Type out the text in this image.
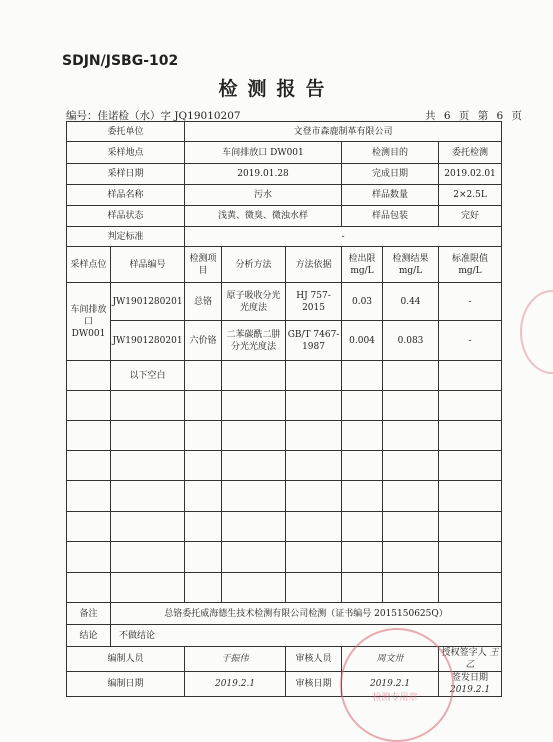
SDJN/JSBG-102
检测报告
编号：佳诺检（水）字 JQ19010207	共 6 页 第 6 页
委托单位		文登市森鹿制革有限公司					
采样地点		车间排放口 DW001			检测目的		委托检测
采样日期		2019.01.28			完成日期		2019.02.01
样品名称		污水			样品数量		2×2.5L
样品状态		浅黄、微臭、微浊水样			样品包装		完好
判定标准		-					
采样点位	样品编号	检测项目	分析方法	方法依据	检出限 mg/L	检测结果 mg/L	标准限值 mg/L
车间排放口 DW001	JW1901280201	总铬	原子吸收分光光度法	HJ 757-2015	0.03	0.44	-
	JW1901280201	六价铬	二苯碳酰二肼分光光度法	GB/T 7467-1987	0.004	0.083	-
	以下空白						

备注	总铬委托威海德生技术检测有限公司检测（证书编号 2015150625Q）						
结论	不做结论						
编制人员		于振伟		审核人员	周文卅		授权签字人 王乙
编制日期		2019.2.1		审核日期	2019.2.1		签发日期 2019.2.1
检测专用章
